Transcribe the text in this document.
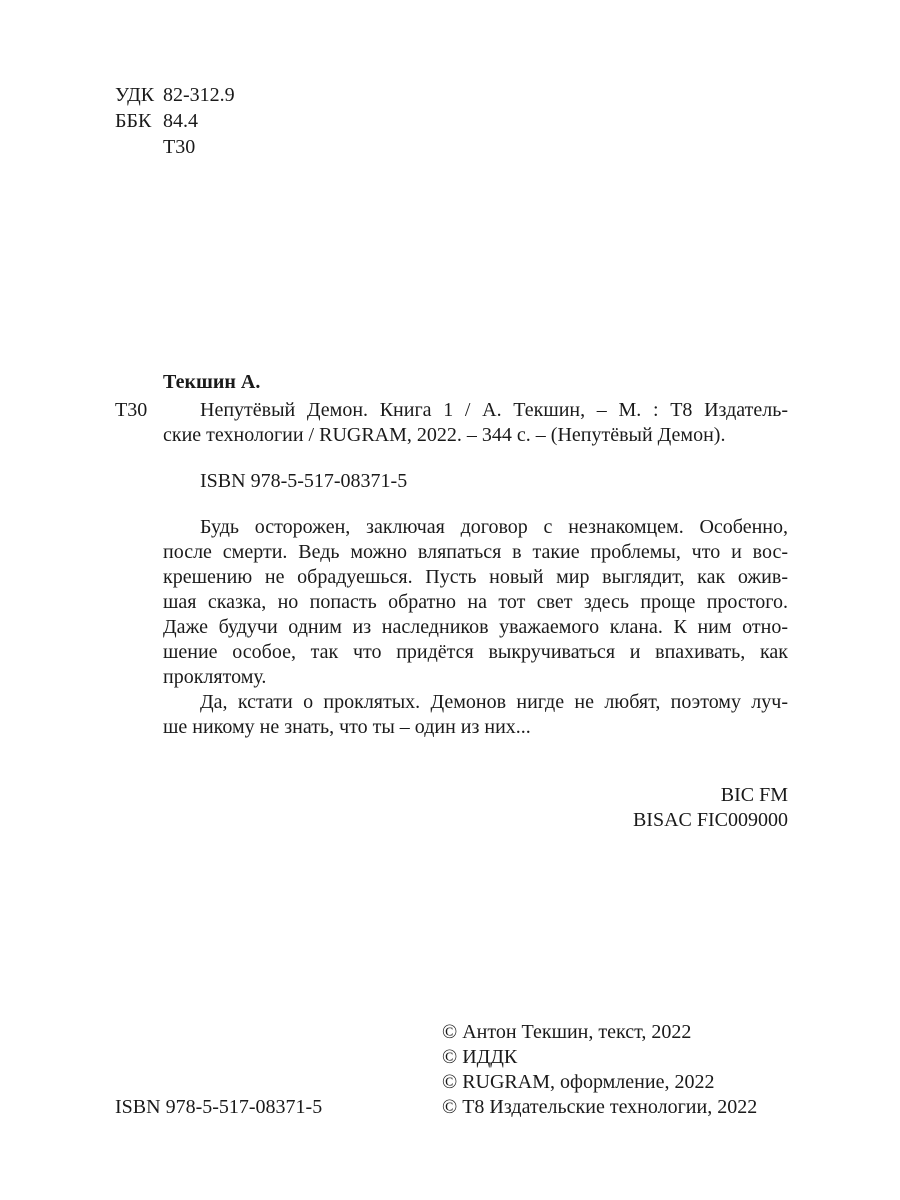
УДК 82-312.9
ББК 84.4
Т30
Текшин А.
Т30	Непутёвый Демон. Книга 1 / А. Текшин, – М. : Т8 Издатель-
ские технологии / RUGRAM, 2022. – 344 с. – (Непутёвый Демон).
ISBN 978-5-517-08371-5
Будь осторожен, заключая договор с незнакомцем. Особенно,
после смерти. Ведь можно вляпаться в такие проблемы, что и вос-
крешению не обрадуешься. Пусть новый мир выглядит, как ожив-
шая сказка, но попасть обратно на тот свет здесь проще простого.
Даже будучи одним из наследников уважаемого клана. К ним отно-
шение особое, так что придётся выкручиваться и впахивать, как
проклятому.
Да, кстати о проклятых. Демонов нигде не любят, поэтому луч-
ше никому не знать, что ты – один из них...
BIC FM
BISAC FIC009000
© Антон Текшин, текст, 2022
© ИДДК
© RUGRAM, оформление, 2022
© Т8 Издательские технологии, 2022
ISBN 978-5-517-08371-5
